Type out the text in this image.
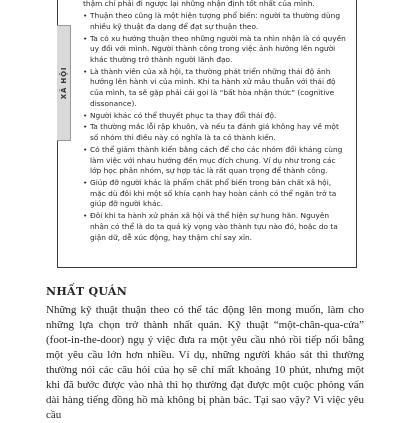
XÃ HỘI
thậm chí phải đi ngược lại những nhận định tốt nhất của mình.
• Thuận theo cũng là một hiện tượng phổ biến: người ta thường dùng nhiều kỹ thuật đa dạng để đạt sự thuận theo.
• Ta có xu hướng thuận theo những người mà ta nhìn nhận là có quyền uy đối với mình. Người thành công trong việc ảnh hưởng lên người khác thường trở thành người lãnh đạo.
• Là thành viên của xã hội, ta thường phát triển những thái độ ảnh hưởng lên hành vi của mình. Khi ta hành xử mâu thuẫn với thái độ của mình, ta sẽ gặp phải cái gọi là “bất hòa nhận thức” (cognitive dissonance).
• Người khác có thể thuyết phục ta thay đổi thái độ.
• Ta thường mắc lỗi rập khuôn, và nếu ta đánh giá không hay về một số nhóm thì điều này có nghĩa là ta có thành kiến.
• Có thể giảm thành kiến bằng cách để cho các nhóm đối kháng cùng làm việc với nhau hướng đến mục đích chung. Ví dụ như trong các lớp học phân nhóm, sự hợp tác là rất quan trọng để thành công.
• Giúp đỡ người khác là phẩm chất phổ biến trong bản chất xã hội, mặc dù đôi khi một số khía cạnh hay hoàn cảnh có thể ngăn trở ta giúp đỡ người khác.
• Đôi khi ta hành xử phản xã hội và thể hiện sự hung hăn. Nguyên nhân có thể là do ta quá kỳ vọng vào thành tựu nào đó, hoặc do ta giận dữ, dễ xúc động, hay thậm chí say xỉn.
NHẤT QUÁN

Những kỹ thuật thuận theo có thể tác động lên mong muốn, làm cho những lựa chọn trở thành nhất quán. Kỹ thuật “một-chân-qua-cửa” (foot-in-the-door) ngụ ý việc đưa ra một yêu cầu nhỏ rồi tiếp nối bằng một yêu cầu lớn hơn nhiều. Ví dụ, những người khảo sát thì thường thường nói các câu hỏi của họ sẽ chỉ mất khoảng 10 phút, nhưng một khi đã bước được vào nhà thì họ thường đạt được một cuộc phỏng vấn dài hàng tiếng đồng hồ mà không bị phàn bác. Tại sao vậy? Vì việc yêu cầu
